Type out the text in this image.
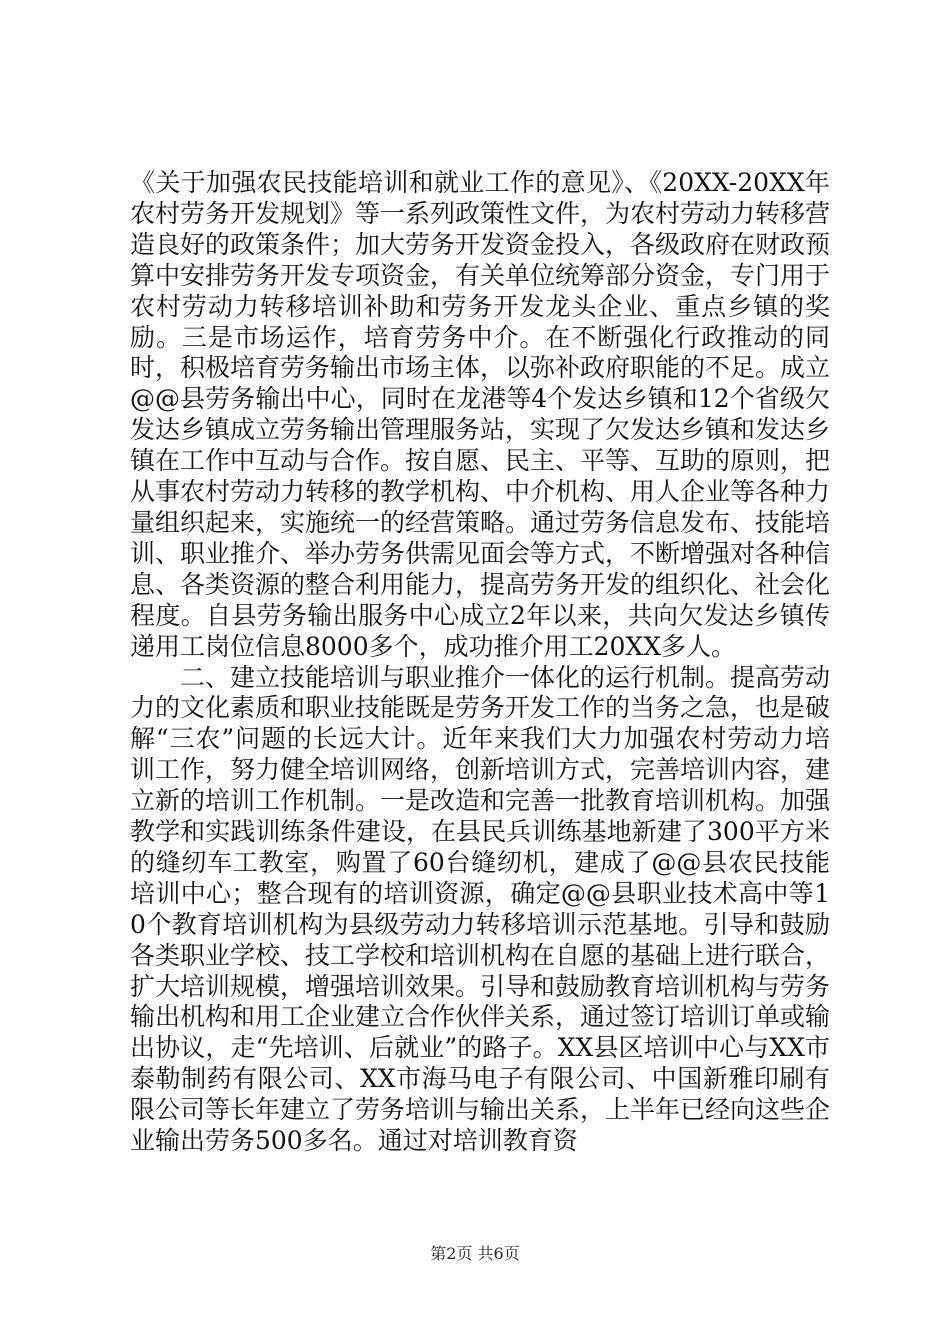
《关于加强农民技能培训和就业工作的意见》、《20XX-20XX年农村劳务开发规划》等一系列政策性文件，为农村劳动力转移营造良好的政策条件；加大劳务开发资金投入，各级政府在财政预算中安排劳务开发专项资金，有关单位统筹部分资金，专门用于农村劳动力转移培训补助和劳务开发龙头企业、重点乡镇的奖励。三是市场运作，培育劳务中介。在不断强化行政推动的同时，积极培育劳务输出市场主体，以弥补政府职能的不足。成立@@县劳务输出中心，同时在龙港等4个发达乡镇和12个省级欠发达乡镇成立劳务输出管理服务站，实现了欠发达乡镇和发达乡镇在工作中互动与合作。按自愿、民主、平等、互助的原则，把从事农村劳动力转移的教学机构、中介机构、用人企业等各种力量组织起来，实施统一的经营策略。通过劳务信息发布、技能培训、职业推介、举办劳务供需见面会等方式，不断增强对各种信息、各类资源的整合利用能力，提高劳务开发的组织化、社会化程度。自县劳务输出服务中心成立2年以来，共向欠发达乡镇传递用工岗位信息8000多个，成功推介用工20XX多人。

二、建立技能培训与职业推介一体化的运行机制。提高劳动力的文化素质和职业技能既是劳务开发工作的当务之急，也是破解“三农”问题的长远大计。近年来我们大力加强农村劳动力培训工作，努力健全培训网络，创新培训方式，完善培训内容，建立新的培训工作机制。一是改造和完善一批教育培训机构。加强教学和实践训练条件建设，在县民兵训练基地新建了300平方米的缝纫车工教室，购置了60台缝纫机，建成了@@县农民技能培训中心；整合现有的培训资源，确定@@县职业技术高中等10个教育培训机构为县级劳动力转移培训示范基地。引导和鼓励各类职业学校、技工学校和培训机构在自愿的基础上进行联合，扩大培训规模，增强培训效果。引导和鼓励教育培训机构与劳务输出机构和用工企业建立合作伙伴关系，通过签订培训订单或输出协议，走“先培训、后就业”的路子。XX县区培训中心与XX市泰勒制药有限公司、XX市海马电子有限公司、中国新雅印刷有限公司等长年建立了劳务培训与输出关系，上半年已经向这些企业输出劳务500多名。通过对培训教育资

第2页 共6页
